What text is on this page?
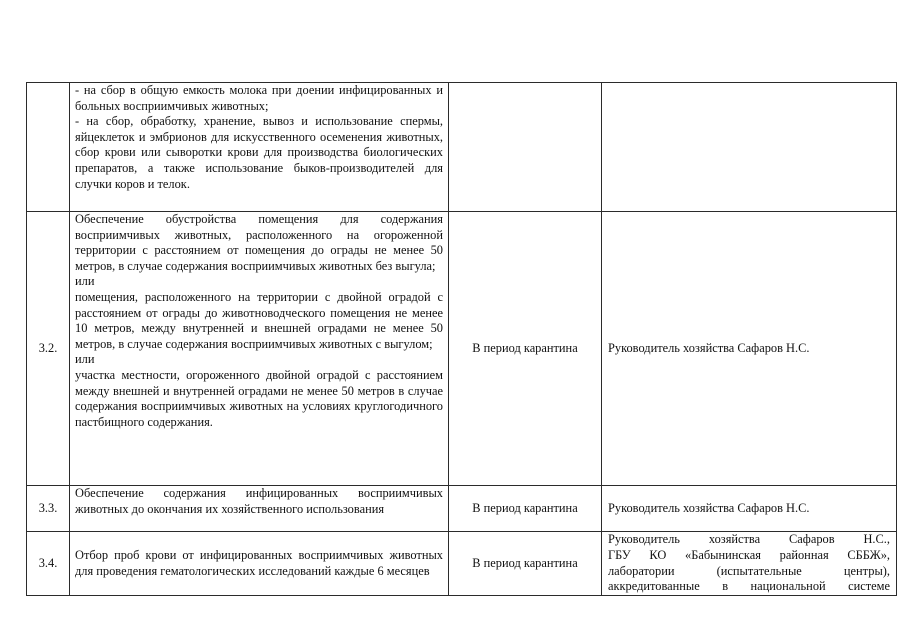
	- на сбор в общую емкость молока при доении инфицированных и больных восприимчивых животных;

- на сбор, обработку, хранение, вывоз и использование спермы, яйцеклеток и эмбрионов для искусственного осеменения животных, сбор крови или сыворотки крови для производства биологических препаратов, а также использование быков-производителей для случки коров и телок.		

3.2.	Обеспечение обустройства помещения для содержания восприимчивых животных, расположенного на огороженной территории с расстоянием от помещения до ограды не менее 50 метров, в случае содержания восприимчивых животных без выгула;

или

помещения, расположенного на территории с двойной оградой с расстоянием от ограды до животноводческого помещения не менее 10 метров, между внутренней и внешней оградами не менее 50 метров, в случае содержания восприимчивых животных с выгулом;

или

участка местности, огороженного двойной оградой с расстоянием между внешней и внутренней оградами не менее 50 метров в случае содержания восприимчивых животных на условиях круглогодичного пастбищного содержания.	В период карантина	Руководитель хозяйства Сафаров Н.С.
3.3.	Обеспечение содержания инфицированных восприимчивых животных до окончания их хозяйственного использования	В период карантина	Руководитель хозяйства Сафаров Н.С.
3.4.	Отбор проб крови от инфицированных восприимчивых животных для проведения гематологических исследований каждые 6 месяцев	В период карантина	Руководитель хозяйства Сафаров Н.С.,
ГБУ КО «Бабынинская районная СББЖ»,
лаборатории (испытательные центры),
аккредитованные в национальной системе
